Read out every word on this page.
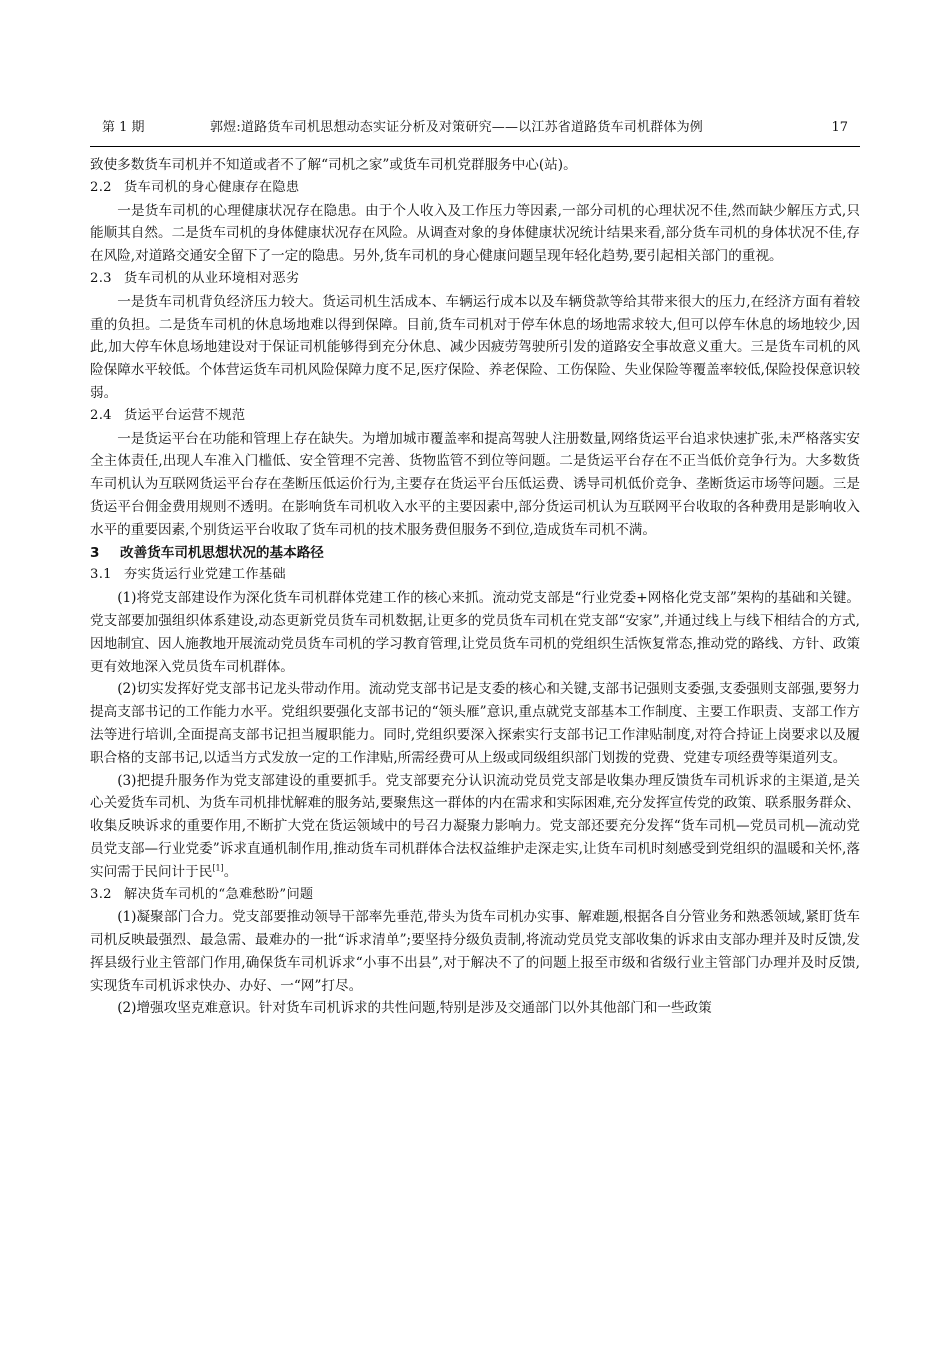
第 1 期	郭煜:道路货车司机思想动态实证分析及对策研究——以江苏省道路货车司机群体为例	17

致使多数货车司机并不知道或者不了解“司机之家”或货车司机党群服务中心(站)。

2.2 货车司机的身心健康存在隐患

一是货车司机的心理健康状况存在隐患。由于个人收入及工作压力等因素,一部分司机的心理状况不佳,然而缺少解压方式,只能顺其自然。二是货车司机的身体健康状况存在风险。从调查对象的身体健康状况统计结果来看,部分货车司机的身体状况不佳,存在风险,对道路交通安全留下了一定的隐患。另外,货车司机的身心健康问题呈现年轻化趋势,要引起相关部门的重视。

2.3 货车司机的从业环境相对恶劣

一是货车司机背负经济压力较大。货运司机生活成本、车辆运行成本以及车辆贷款等给其带来很大的压力,在经济方面有着较重的负担。二是货车司机的休息场地难以得到保障。目前,货车司机对于停车休息的场地需求较大,但可以停车休息的场地较少,因此,加大停车休息场地建设对于保证司机能够得到充分休息、减少因疲劳驾驶所引发的道路安全事故意义重大。三是货车司机的风险保障水平较低。个体营运货车司机风险保障力度不足,医疗保险、养老保险、工伤保险、失业保险等覆盖率较低,保险投保意识较弱。

2.4 货运平台运营不规范

一是货运平台在功能和管理上存在缺失。为增加城市覆盖率和提高驾驶人注册数量,网络货运平台追求快速扩张,未严格落实安全主体责任,出现人车准入门槛低、安全管理不完善、货物监管不到位等问题。二是货运平台存在不正当低价竞争行为。大多数货车司机认为互联网货运平台存在垄断压低运价行为,主要存在货运平台压低运费、诱导司机低价竞争、垄断货运市场等问题。三是货运平台佣金费用规则不透明。在影响货车司机收入水平的主要因素中,部分货运司机认为互联网平台收取的各种费用是影响收入水平的重要因素,个别货运平台收取了货车司机的技术服务费但服务不到位,造成货车司机不满。

3 改善货车司机思想状况的基本路径
3.1 夯实货运行业党建工作基础

(1)将党支部建设作为深化货车司机群体党建工作的核心来抓。流动党支部是“行业党委+网格化党支部”架构的基础和关键。党支部要加强组织体系建设,动态更新党员货车司机数据,让更多的党员货车司机在党支部“安家”,并通过线上与线下相结合的方式,因地制宜、因人施教地开展流动党员货车司机的学习教育管理,让党员货车司机的党组织生活恢复常态,推动党的路线、方针、政策更有效地深入党员货车司机群体。

(2)切实发挥好党支部书记龙头带动作用。流动党支部书记是支委的核心和关键,支部书记强则支委强,支委强则支部强,要努力提高支部书记的工作能力水平。党组织要强化支部书记的“领头雁”意识,重点就党支部基本工作制度、主要工作职责、支部工作方法等进行培训,全面提高支部书记担当履职能力。同时,党组织要深入探索实行支部书记工作津贴制度,对符合持证上岗要求以及履职合格的支部书记,以适当方式发放一定的工作津贴,所需经费可从上级或同级组织部门划拨的党费、党建专项经费等渠道列支。

(3)把提升服务作为党支部建设的重要抓手。党支部要充分认识流动党员党支部是收集办理反馈货车司机诉求的主渠道,是关心关爱货车司机、为货车司机排忧解难的服务站,要聚焦这一群体的内在需求和实际困难,充分发挥宣传党的政策、联系服务群众、收集反映诉求的重要作用,不断扩大党在货运领域中的号召力凝聚力影响力。党支部还要充分发挥“货车司机—党员司机—流动党员党支部—行业党委”诉求直通机制作用,推动货车司机群体合法权益维护走深走实,让货车司机时刻感受到党组织的温暖和关怀,落实问需于民问计于民[1]。

3.2 解决货车司机的“急难愁盼”问题

(1)凝聚部门合力。党支部要推动领导干部率先垂范,带头为货车司机办实事、解难题,根据各自分管业务和熟悉领域,紧盯货车司机反映最强烈、最急需、最难办的一批“诉求清单”;要坚持分级负责制,将流动党员党支部收集的诉求由支部办理并及时反馈,发挥县级行业主管部门作用,确保货车司机诉求“小事不出县”,对于解决不了的问题上报至市级和省级行业主管部门办理并及时反馈,实现货车司机诉求快办、办好、一“网”打尽。

(2)增强攻坚克难意识。针对货车司机诉求的共性问题,特别是涉及交通部门以外其他部门和一些政策
